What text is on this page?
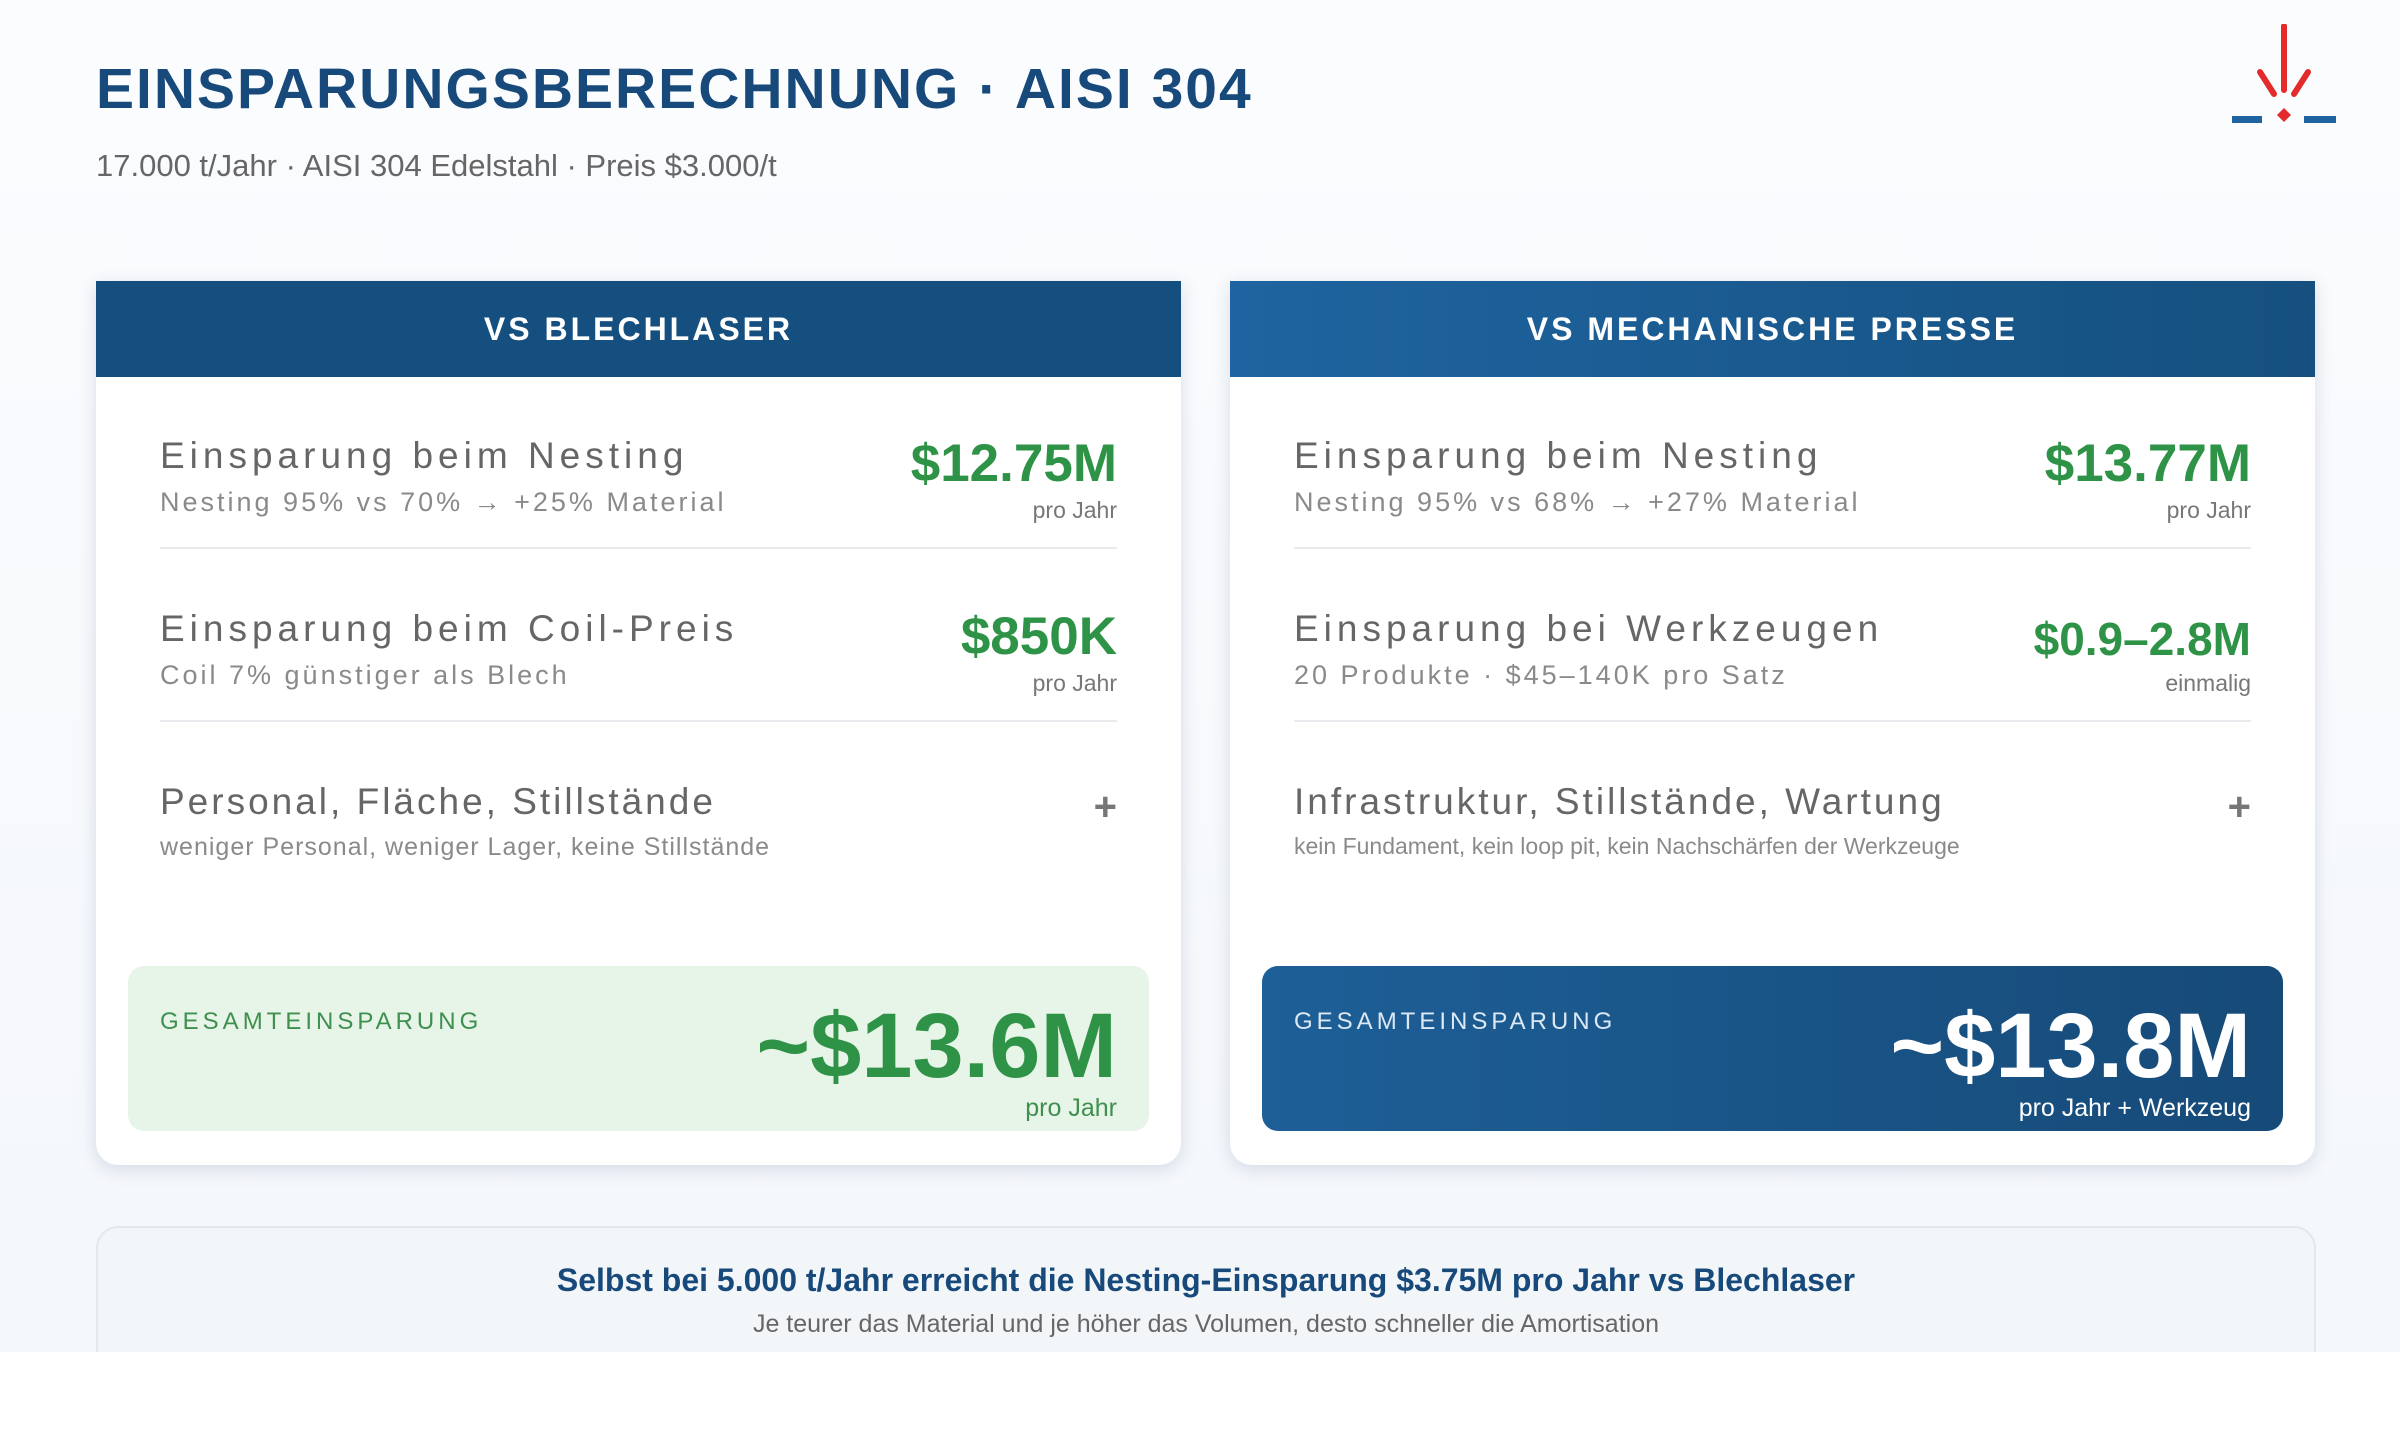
EINSPARUNGSBERECHNUNG · AISI 304

17.000 t/Jahr · AISI 304 Edelstahl · Preis $3.000/t

VS BLECHLASER
Einsparung beim Nesting
Nesting 95% vs 70% → +25% Material
$12.75M
pro Jahr
Einsparung beim Coil-Preis
Coil 7% günstiger als Blech
$850K
pro Jahr
Personal, Fläche, Stillstände
weniger Personal, weniger Lager, keine Stillstände
+
GESAMTEINSPARUNG	~$13.6M
pro Jahr
VS MECHANISCHE PRESSE
Einsparung beim Nesting
Nesting 95% vs 68% → +27% Material
$13.77M
pro Jahr
Einsparung bei Werkzeugen
20 Produkte · $45–140K pro Satz
$0.9–2.8M
einmalig
Infrastruktur, Stillstände, Wartung
kein Fundament, kein loop pit, kein Nachschärfen der Werkzeuge
+
GESAMTEINSPARUNG	~$13.8M
pro Jahr + Werkzeug
Selbst bei 5.000 t/Jahr erreicht die Nesting-Einsparung $3.75M pro Jahr vs Blechlaser
Je teurer das Material und je höher das Volumen, desto schneller die Amortisation
